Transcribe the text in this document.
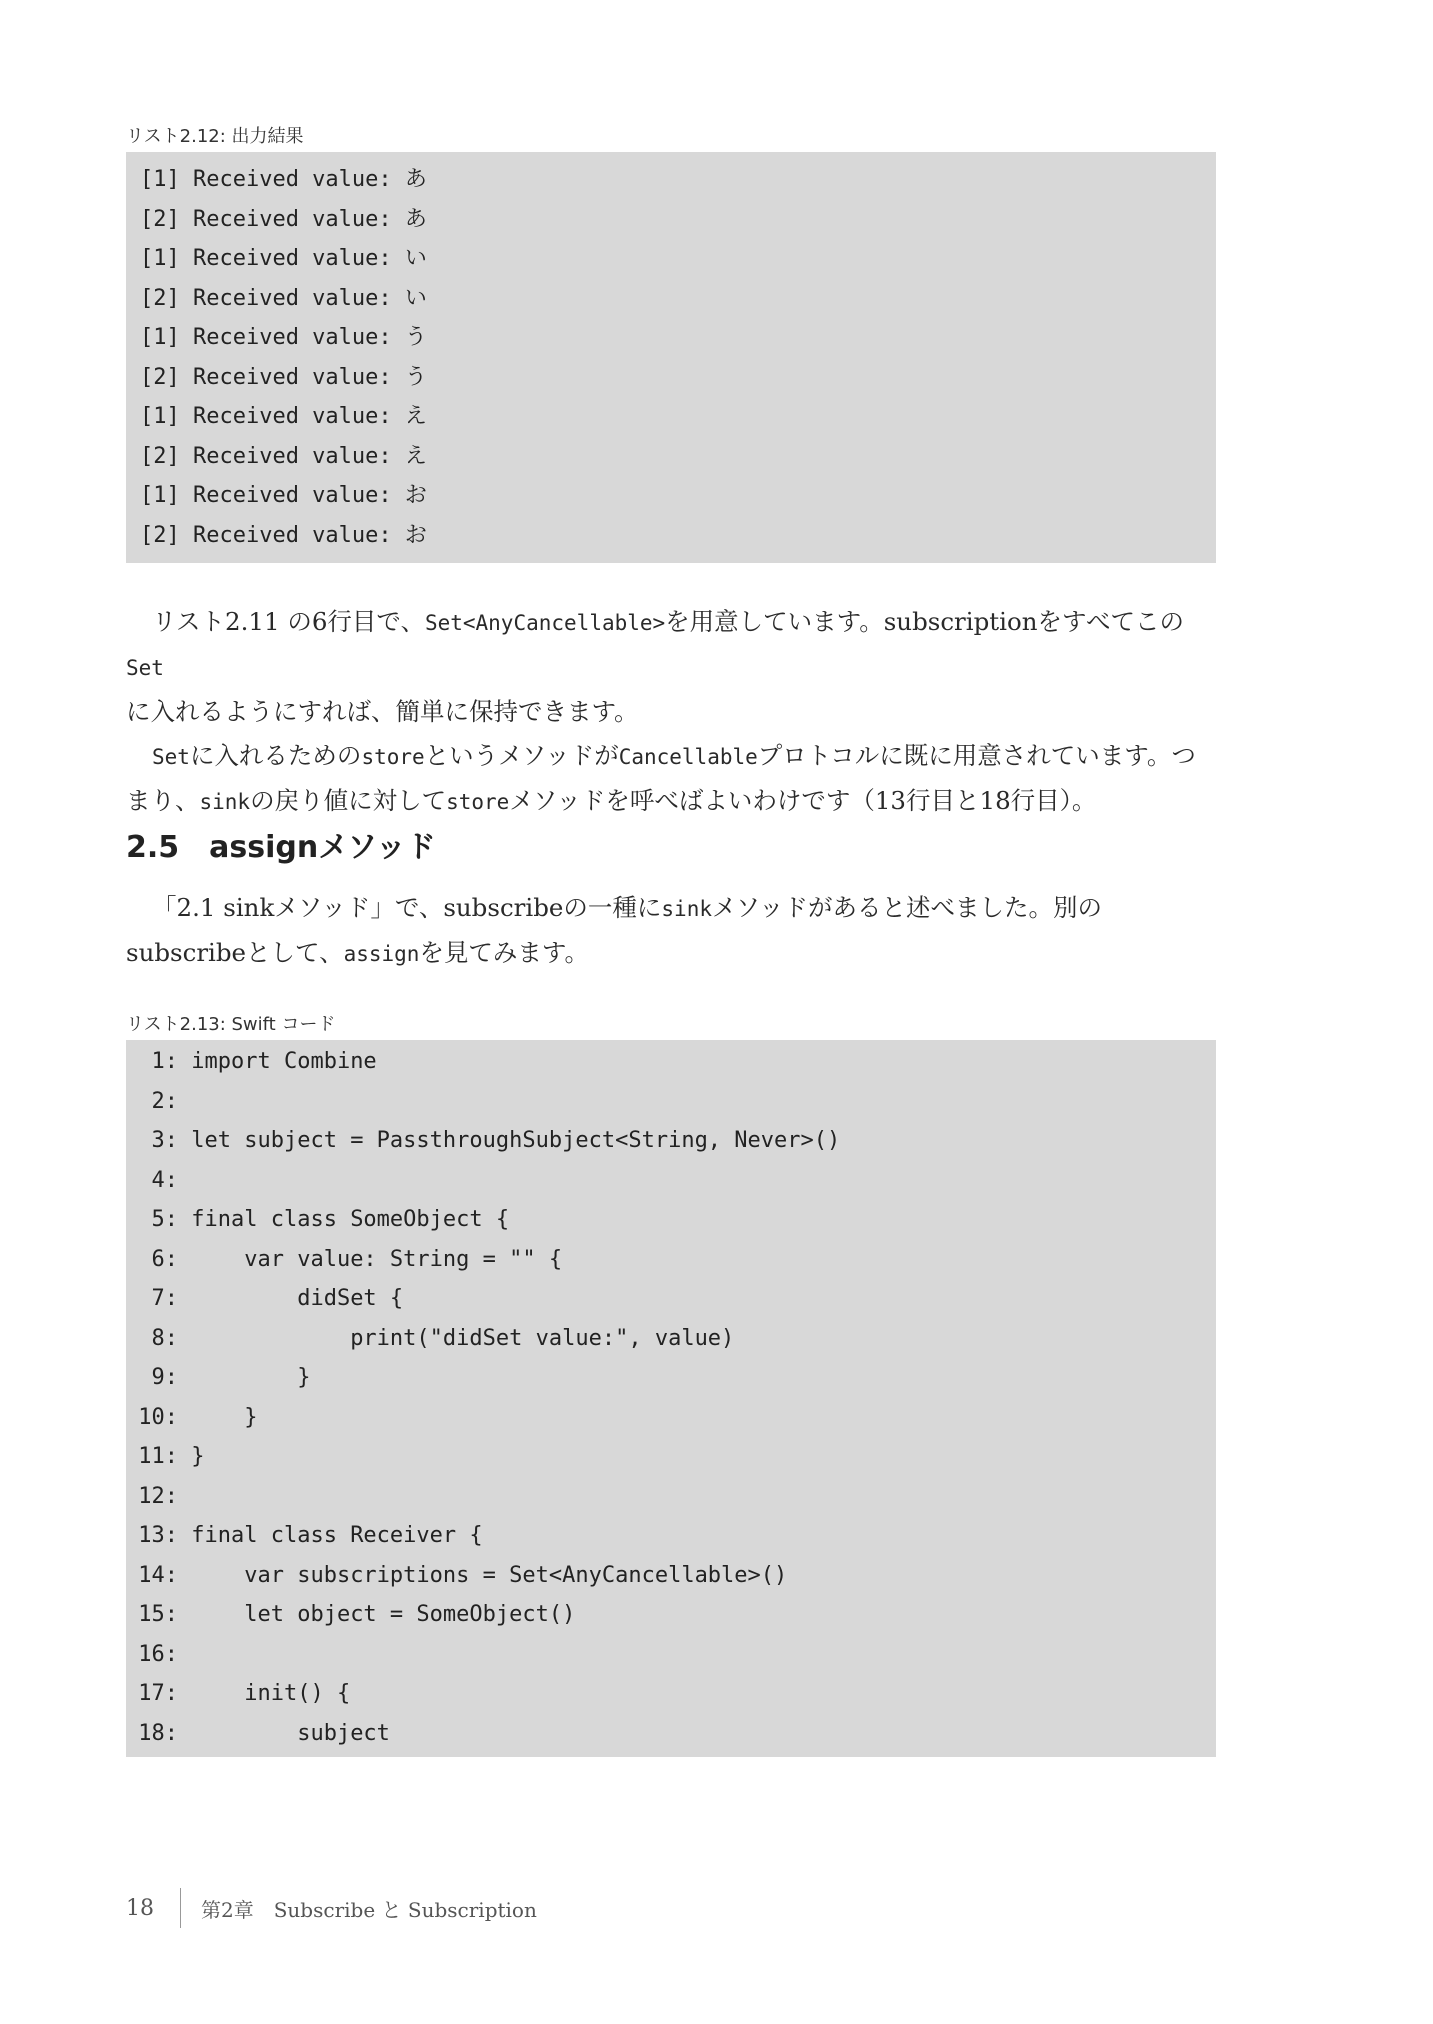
リスト2.12: 出力結果
[1] Received value: あ
[2] Received value: あ
[1] Received value: い
[2] Received value: い
[1] Received value: う
[2] Received value: う
[1] Received value: え
[2] Received value: え
[1] Received value: お
[2] Received value: お

リスト2.11 の6行目で、Set<AnyCancellable>を用意しています。subscriptionをすべてこのSet

に入れるようにすれば、簡単に保持できます。

Setに入れるためのstoreというメソッドがCancellableプロトコルに既に用意されています。つまり、sinkの戻り値に対してstoreメソッドを呼べばよいわけです（13行目と18行目）。

2.5 assignメソッド

「2.1 sinkメソッド」で、subscribeの一種にsinkメソッドがあると述べました。別のsubscribeとして、assignを見てみます。

リスト2.13: Swift コード
1: import Combine
2:
3: let subject = PassthroughSubject<String, Never>()
4:
5: final class SomeObject {
6:     var value: String = "" {
7:         didSet {
8:             print("didSet value:", value)
9:         }
10:     }
11: }
12:
13: final class Receiver {
14:     var subscriptions = Set<AnyCancellable>()
15:     let object = SomeObject()
16:
17:     init() {
18:         subject
18 第2章　Subscribe と Subscription
